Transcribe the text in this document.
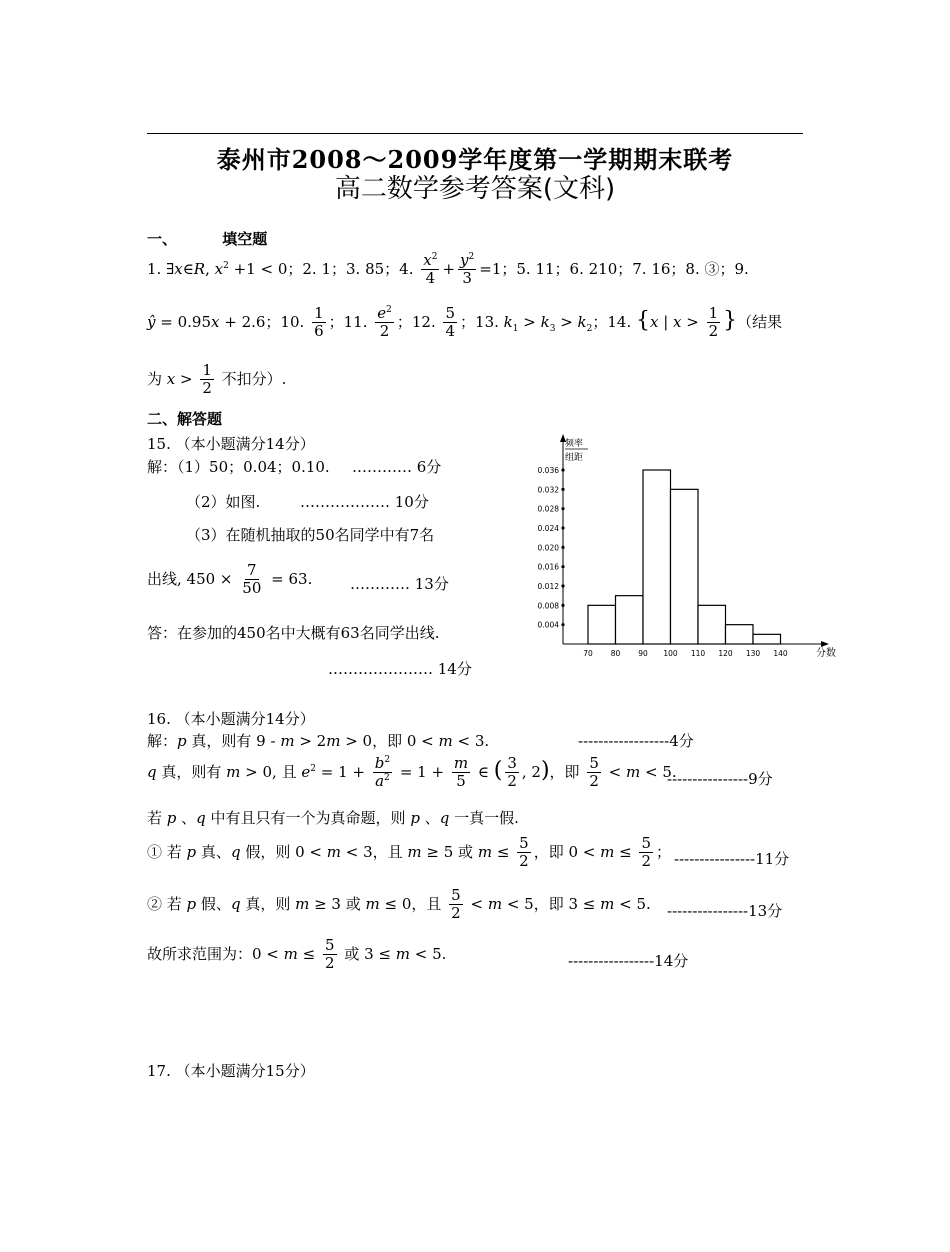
泰州市2008～2009学年度第一学期期末联考
高二数学参考答案(文科)
一、	填空题
1. ∃x∈R, $x^2 +1 < 0$；2. 1；3. 85；4. $\frac{x^2}{4} + \frac{y^2}{3} =1$；5. 11；6. 210；7. 16；8. ③；9.
ŷ = 0.95x + 2.6；10. $\frac{1}{6}$ ；11. $\frac{e^2}{2}$ ；12. $\frac{5}{4}$ ；13. $k_1 > k_3 > k_2$；14. {x | $x > \frac{1}{2}$ }（结果
为 $x > \frac{1}{2}$ 不扣分）.
二、解答题
15. （本小题满分14分）
解：（1）50；0.04；0.10. ………… 6分
（2）如图.	……………… 10分
（3）在随机抽取的50名同学中有7名
出线, $450 \times \frac{7}{50} = 63$.	………… 13分
答：在参加的450名中大概有63名同学出线.
………………… 14分
频率
组距
分数
0.004
0.008
0.012
0.016
0.020
0.024
0.028
0.032
0.036
70 80 90 100 110 120 130 140
16. （本小题满分14分）
解：p 真，则有 9 - m > 2m > 0，即 0 < m < 3.	------------------4分
q 真，则有 m > 0, 且 $e^2 = 1 + \frac{b^2}{a^2} = 1 + \frac{m}{5}$ ∈ ( $\frac{3}{2}$ , 2)，即 $\frac{5}{2} < m < 5$.
----------------9分
若 p 、q 中有且只有一个为真命题，则 p 、q 一真一假.
① 若 p 真、q 假，则 0 < m < 3，且 m ≥ 5 或 $m \le \frac{5}{2}$ ，即 $0 < m \le \frac{5}{2}$ ； ----------------11分
② 若 p 假、q 真，则 m ≥ 3 或 m ≤ 0，且 $\frac{5}{2} < m < 5$，即 3 ≤ m < 5. ----------------13分
故所求范围为：$0 < m \le \frac{5}{2}$ 或 3 ≤ m < 5.	-----------------14分
17. （本小题满分15分）
